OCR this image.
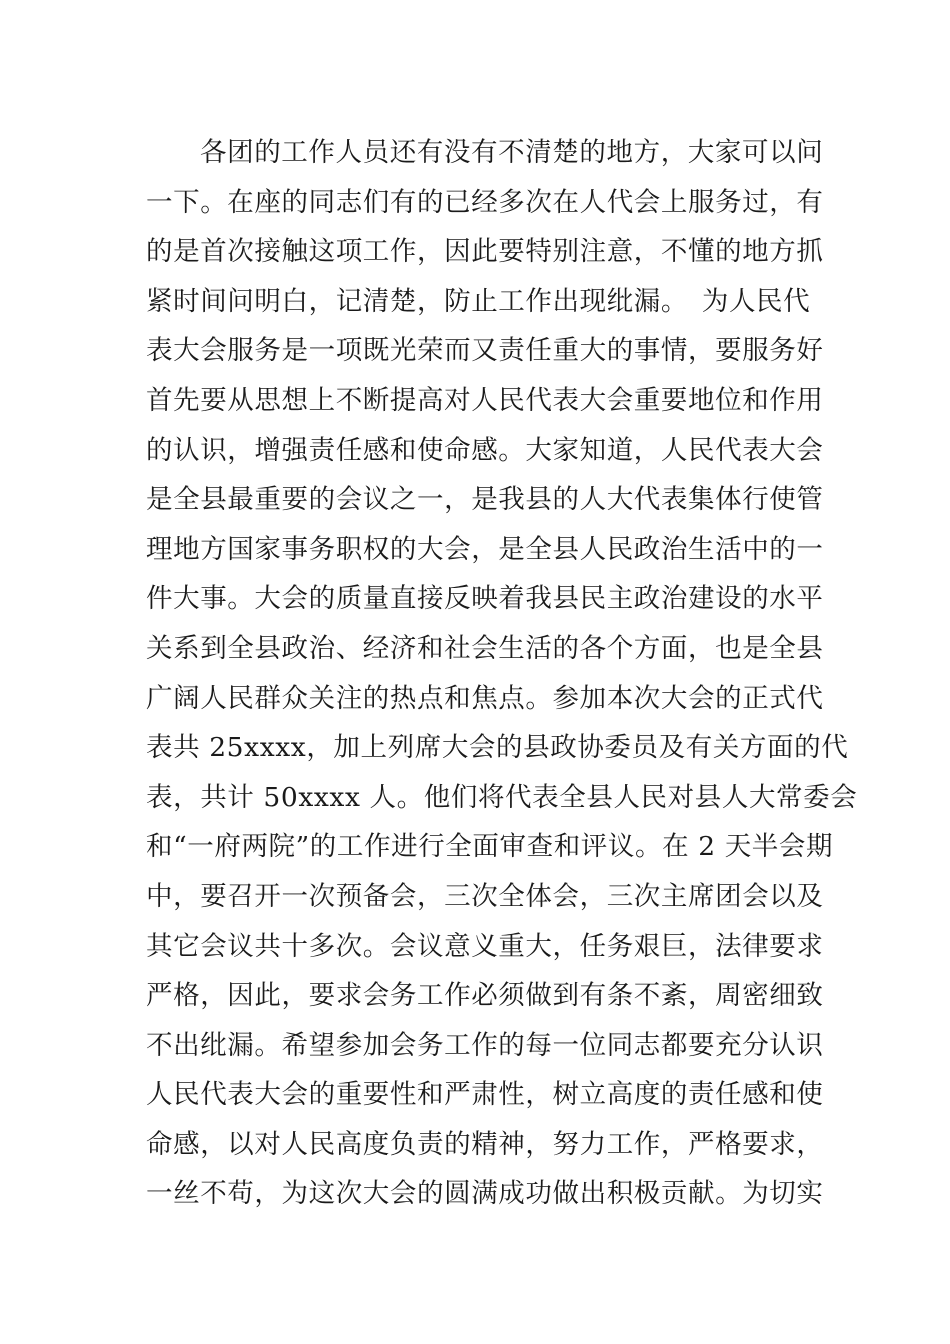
各团的工作人员还有没有不清楚的地方，大家可以问
一下。在座的同志们有的已经多次在人代会上服务过，有
的是首次接触这项工作，因此要特别注意，不懂的地方抓
紧时间问明白，记清楚，防止工作出现纰漏。　为人民代
表大会服务是一项既光荣而又责任重大的事情，要服务好
首先要从思想上不断提高对人民代表大会重要地位和作用
的认识，增强责任感和使命感。大家知道，人民代表大会
是全县最重要的会议之一，是我县的人大代表集体行使管
理地方国家事务职权的大会，是全县人民政治生活中的一
件大事。大会的质量直接反映着我县民主政治建设的水平
关系到全县政治、经济和社会生活的各个方面，也是全县
广阔人民群众关注的热点和焦点。参加本次大会的正式代
表共 25xxxx，加上列席大会的县政协委员及有关方面的代
表，共计 50xxxx 人。他们将代表全县人民对县人大常委会
和“一府两院”的工作进行全面审查和评议。在 2 天半会期
中，要召开一次预备会，三次全体会，三次主席团会以及
其它会议共十多次。会议意义重大，任务艰巨，法律要求
严格，因此，要求会务工作必须做到有条不紊，周密细致
不出纰漏。希望参加会务工作的每一位同志都要充分认识
人民代表大会的重要性和严肃性，树立高度的责任感和使
命感，以对人民高度负责的精神，努力工作，严格要求，
一丝不苟，为这次大会的圆满成功做出积极贡献。为切实
